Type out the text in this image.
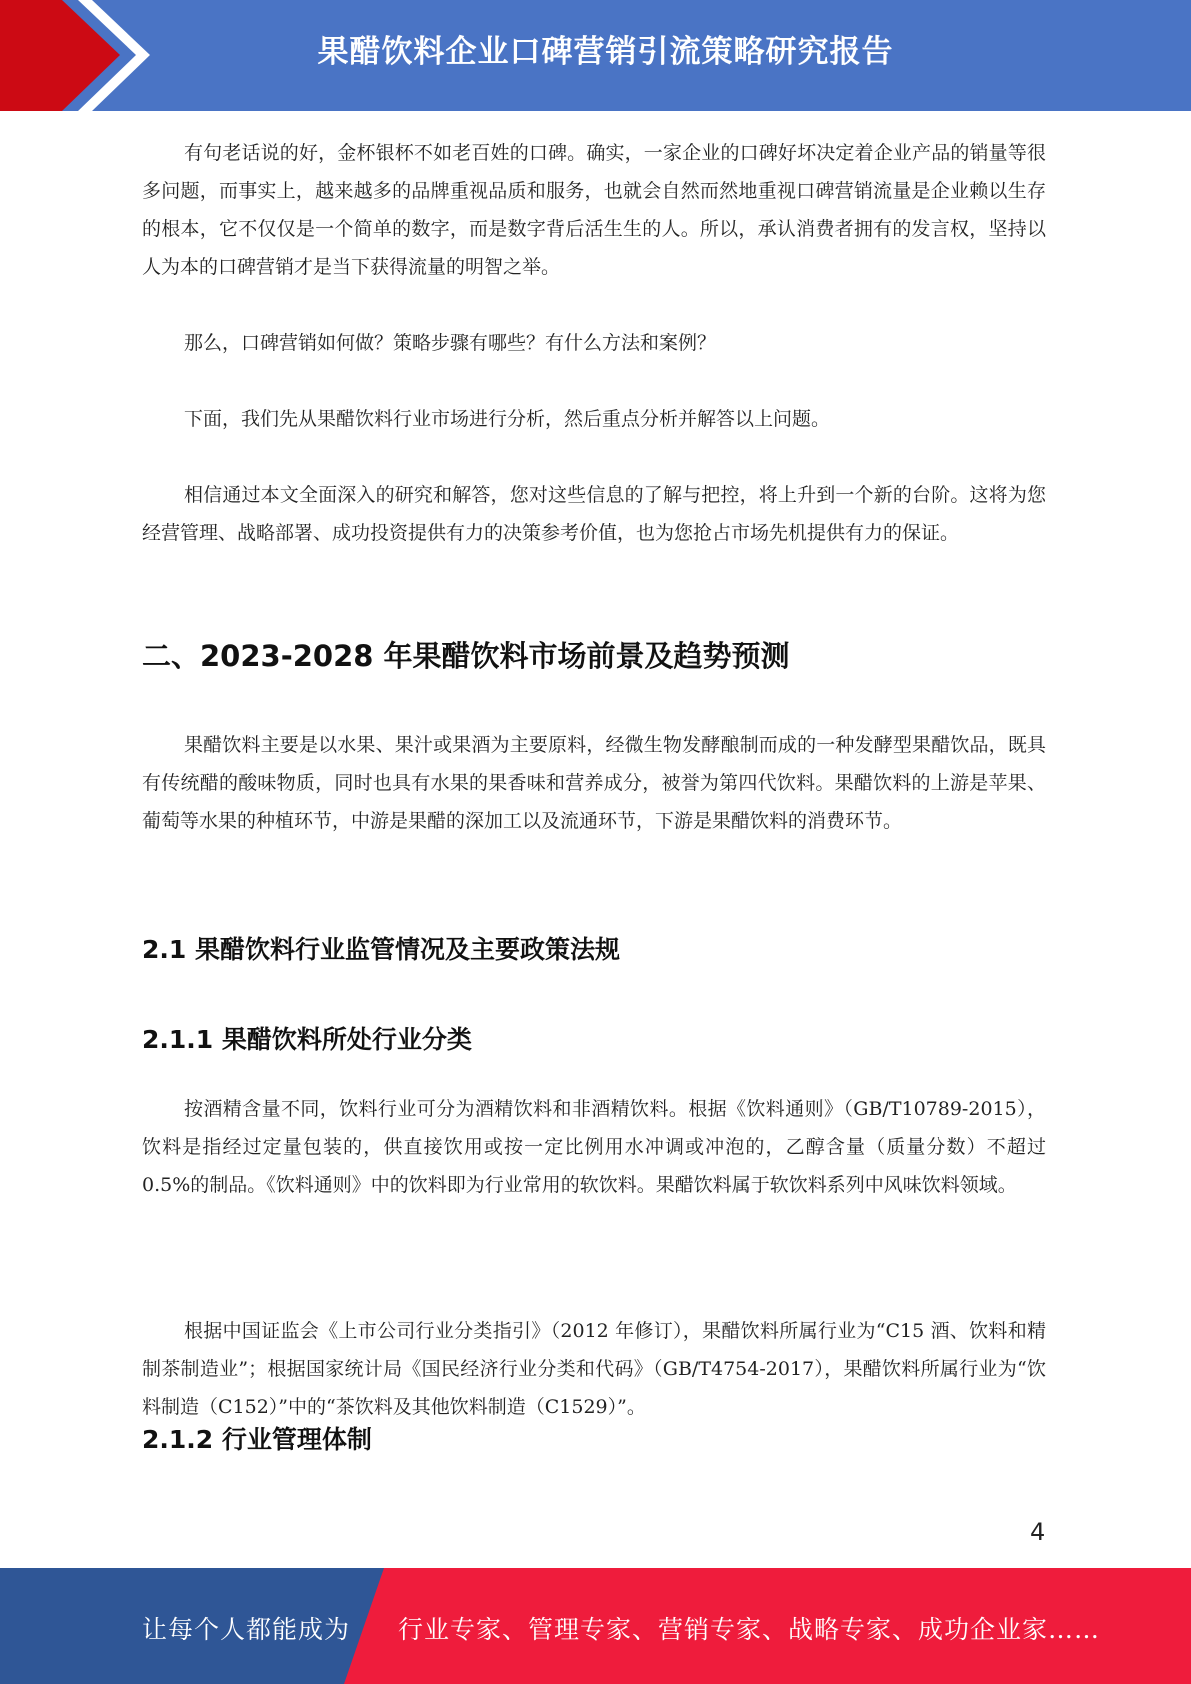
果醋饮料企业口碑营销引流策略研究报告

有句老话说的好，金杯银杯不如老百姓的口碑。确实，一家企业的口碑好坏决定着企业产品的销量等很多问题，而事实上，越来越多的品牌重视品质和服务，也就会自然而然地重视口碑营销流量是企业赖以生存的根本，它不仅仅是一个简单的数字，而是数字背后活生生的人。所以，承认消费者拥有的发言权，坚持以人为本的口碑营销才是当下获得流量的明智之举。

那么，口碑营销如何做？策略步骤有哪些？有什么方法和案例？

下面，我们先从果醋饮料行业市场进行分析，然后重点分析并解答以上问题。

相信通过本文全面深入的研究和解答，您对这些信息的了解与把控，将上升到一个新的台阶。这将为您经营管理、战略部署、成功投资提供有力的决策参考价值，也为您抢占市场先机提供有力的保证。

二、2023-2028 年果醋饮料市场前景及趋势预测

果醋饮料主要是以水果、果汁或果酒为主要原料，经微生物发酵酿制而成的一种发酵型果醋饮品，既具有传统醋的酸味物质，同时也具有水果的果香味和营养成分，被誉为第四代饮料。果醋饮料的上游是苹果、葡萄等水果的种植环节，中游是果醋的深加工以及流通环节，下游是果醋饮料的消费环节。

2.1 果醋饮料行业监管情况及主要政策法规
2.1.1 果醋饮料所处行业分类

按酒精含量不同，饮料行业可分为酒精饮料和非酒精饮料。根据《饮料通则》（GB/T10789-2015），饮料是指经过定量包装的，供直接饮用或按一定比例用水冲调或冲泡的，乙醇含量（质量分数）不超过 0.5%的制品。《饮料通则》中的饮料即为行业常用的软饮料。果醋饮料属于软饮料系列中风味饮料领域。

根据中国证监会《上市公司行业分类指引》（2012 年修订），果醋饮料所属行业为“C15 酒、饮料和精制茶制造业”；根据国家统计局《国民经济行业分类和代码》（GB/T4754-2017），果醋饮料所属行业为“饮料制造（C152）”中的“茶饮料及其他饮料制造（C1529）”。

2.1.2 行业管理体制
4
让每个人都能成为 行业专家、管理专家、营销专家、战略专家、成功企业家……
